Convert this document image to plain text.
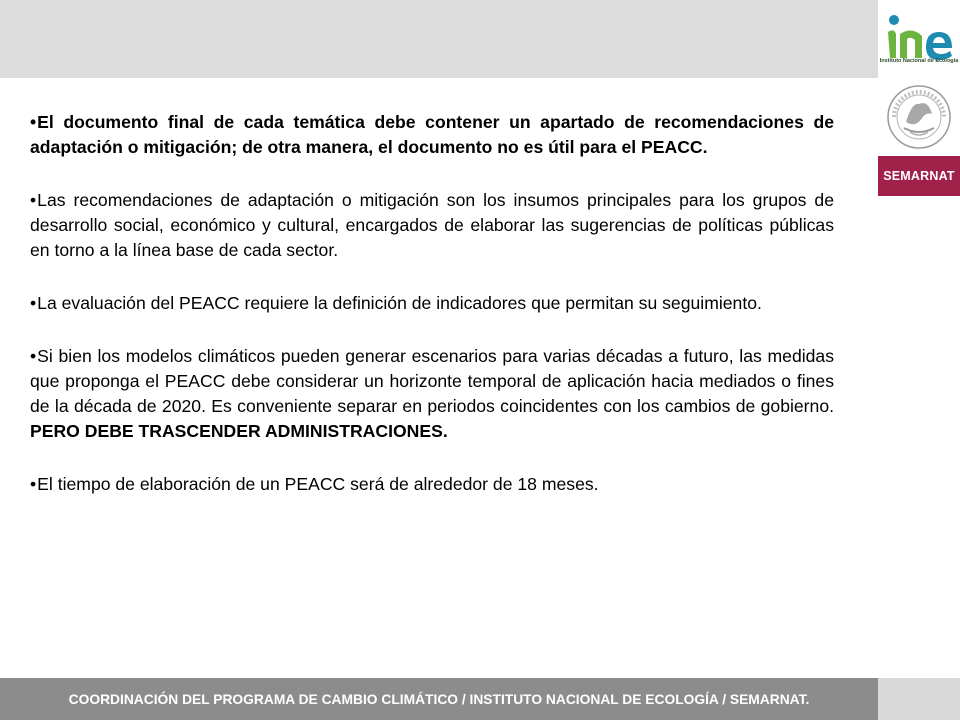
Instituto Nacional de Ecología
SEMARNAT

•El documento final de cada temática debe contener un apartado de recomendaciones de adaptación o mitigación; de otra manera, el documento no es útil para el PEACC.

•Las recomendaciones de adaptación o mitigación son los insumos principales para los grupos de desarrollo social, económico y cultural, encargados de elaborar las sugerencias de políticas públicas en torno a la línea base de cada sector.

•La evaluación del PEACC requiere la definición de indicadores que permitan su seguimiento.

•Si bien los modelos climáticos pueden generar escenarios para varias décadas a futuro, las medidas que proponga el PEACC debe considerar un horizonte temporal de aplicación hacia mediados o fines de la década de 2020. Es conveniente separar en periodos coincidentes con los cambios de gobierno. PERO DEBE TRASCENDER ADMINISTRACIONES.

•El tiempo de elaboración de un PEACC será de alrededor de 18 meses.

COORDINACIÓN DEL PROGRAMA DE CAMBIO CLIMÁTICO / INSTITUTO NACIONAL DE ECOLOGÍA / SEMARNAT.
